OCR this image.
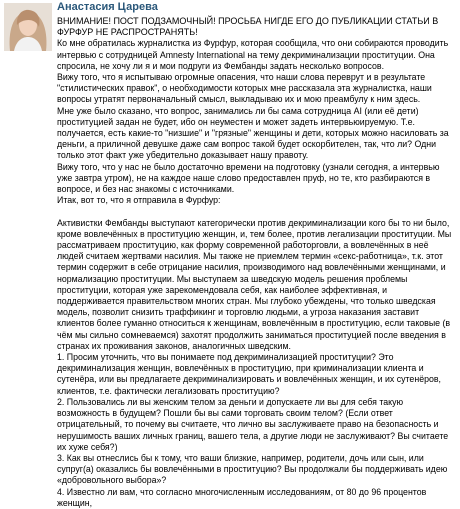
Анастасия Царева

ВНИМАНИЕ! ПОСТ ПОДЗАМОЧНЫЙ! ПРОСЬБА НИГДЕ ЕГО ДО ПУБЛИКАЦИИ СТАТЬИ В ФУРФУР НЕ РАСПРОСТРАНЯТЬ!

Ко мне обратилась журналистка из Фурфур, которая сообщила, что они собираются проводить интервью с сотрудницей Amnesty International на тему декриминализации проституции. Она спросила, не хочу ли я и мои подруги из Фембанды задать несколько вопросов.

Вижу того, что я испытываю огромные опасения, что наши слова переврут и в результате "стилистических правок", о необходимости которых мне рассказала эта журналистка, наши вопросы утратят первоначальный смысл, выкладываю их и мою преамбулу к ним здесь.

Мне уже было сказано, что вопрос, занимались ли бы сама сотрудница AI (или её дети) проституцией задан не будет, ибо он неуместен и может задеть интервьюируемую. Т.е. получается, есть какие-то "низшие" и "грязные" женщины и дети, которых можно насиловать за деньги, а приличной девушке даже сам вопрос такой будет оскорбителен, так, что ли? Одни только этот факт уже убедительно доказывает нашу правоту.

Вижу того, что у нас не было достаточно времени на подготовку (узнали сегодня, а интервью уже завтра утром), не на каждое наше слово предоставлен пруф, но те, кто разбираются в вопросе, и без нас знакомы с источниками.

Итак, вот то, что я отправила в Фурфур:

Активистки Фембанды выступают категорически против декриминализации кого бы то ни было, кроме вовлечённых в проституцию женщин, и, тем более, против легализации проституции. Мы рассматриваем проституцию, как форму современной работорговли, а вовлечённых в неё людей считаем жертвами насилия. Мы также не приемлем термин «секс-работница», т.к. этот термин содержит в себе отрицание насилия, производимого над вовлечёнными женщинами, и нормализацию проституции. Мы выступаем за шведскую модель решения проблемы проституции, которая уже зарекомендовала себя, как наиболее эффективная, и поддерживается правительством многих стран. Мы глубоко убеждены, что только шведская модель, позволит снизить траффикинг и торговлю людьми, а угроза наказания заставит клиентов более гуманно относиться к женщинам, вовлечённым в проституцию, если таковые (в чём мы сильно сомневаемся) захотят продолжить заниматься проституцией после введения в странах их проживания законов, аналогичных шведским.

1. Просим уточнить, что вы понимаете под декриминализацией проституции? Это декриминализация женщин, вовлечённых в проституцию, при криминализации клиента и сутенёра, или вы предлагаете декриминализировать и вовлечённых женщин, и их сутенёров, клиентов, т.е. фактически легализовать проституцию?

2. Пользовались ли вы женским телом за деньги и допускаете ли вы для себя такую возможность в будущем? Пошли бы вы сами торговать своим телом? (Если ответ отрицательный, то почему вы считаете, что лично вы заслуживаете право на безопасность и нерушимость ваших личных границ, вашего тела, а другие люди не заслуживают? Вы считаете их хуже себя?)

3. Как вы отнеслись бы к тому, что ваши близкие, например, родители, дочь или сын, или супруг(а) оказались бы вовлечёнными в проституцию? Вы продолжали бы поддерживать идею «добровольного выбора»?

4. Известно ли вам, что согласно многочисленным исследованиям, от 80 до 96 процентов женщин,
